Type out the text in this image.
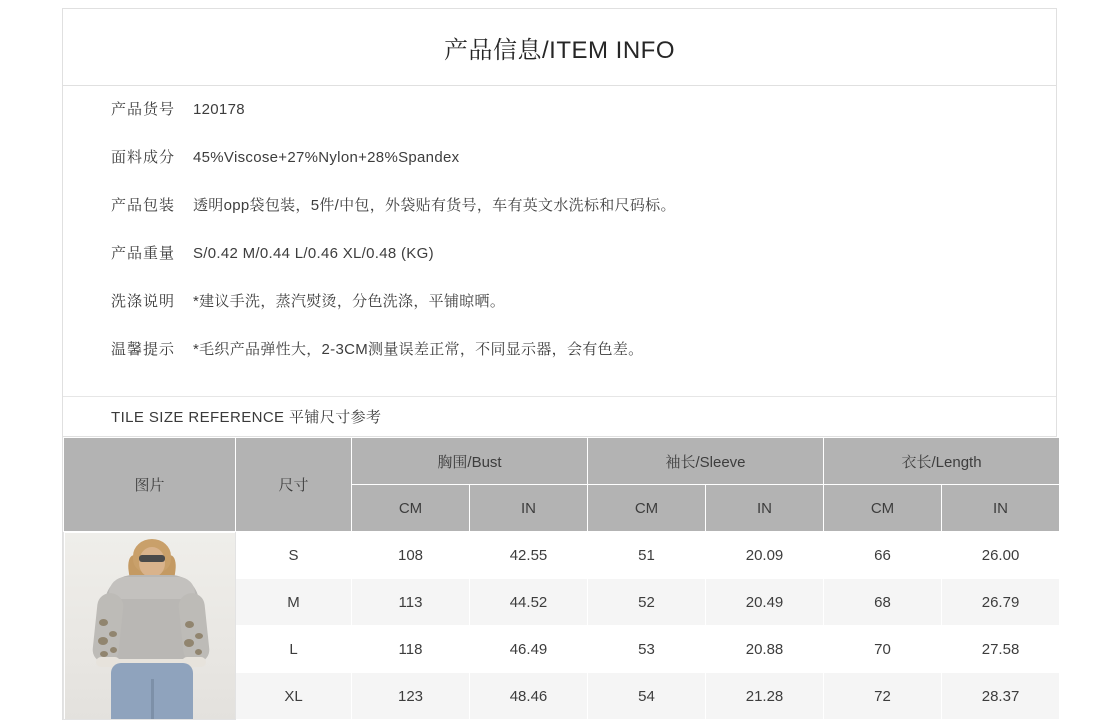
产品信息/ITEM INFO
产品货号	120178
面料成分	45%Viscose+27%Nylon+28%Spandex
产品包装	透明opp袋包装，5件/中包，外袋贴有货号，车有英文水洗标和尺码标。
产品重量	S/0.42 M/0.44 L/0.46 XL/0.48 (KG)
洗涤说明	*建议手洗，蒸汽熨烫，分色洗涤，平铺晾晒。
温馨提示	*毛织产品弹性大，2-3CM测量误差正常，不同显示器，会有色差。
TILE SIZE REFERENCE 平铺尺寸参考
图片	尺寸	胸围/Bust		袖长/Sleeve		衣长/Length	
		CM	IN	CM	IN	CM	IN

	S	108	42.55	51	20.09	66	26.00
	M	113	44.52	52	20.49	68	26.79
	L	118	46.49	53	20.88	70	27.58
	XL	123	48.46	54	21.28	72	28.37
